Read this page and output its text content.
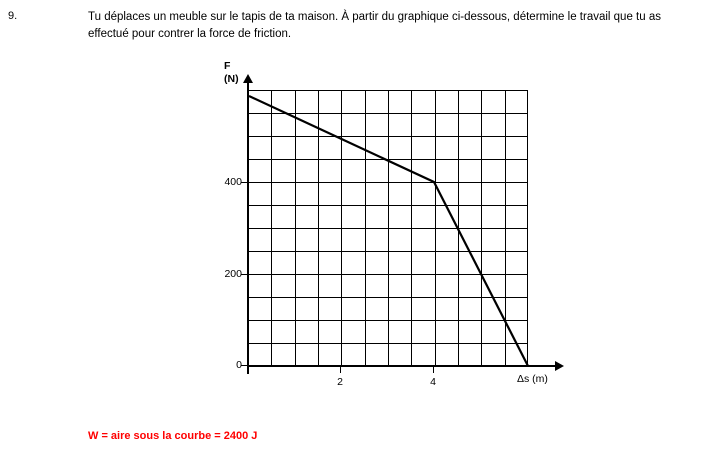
9.	Tu déplaces un meuble sur le tapis de ta maison. À partir du graphique ci-dessous, détermine le travail que tu as effectué pour contrer la force de friction.
F
(N)
400
200
0
2	4	Δs (m)
W = aire sous la courbe = 2400 J
